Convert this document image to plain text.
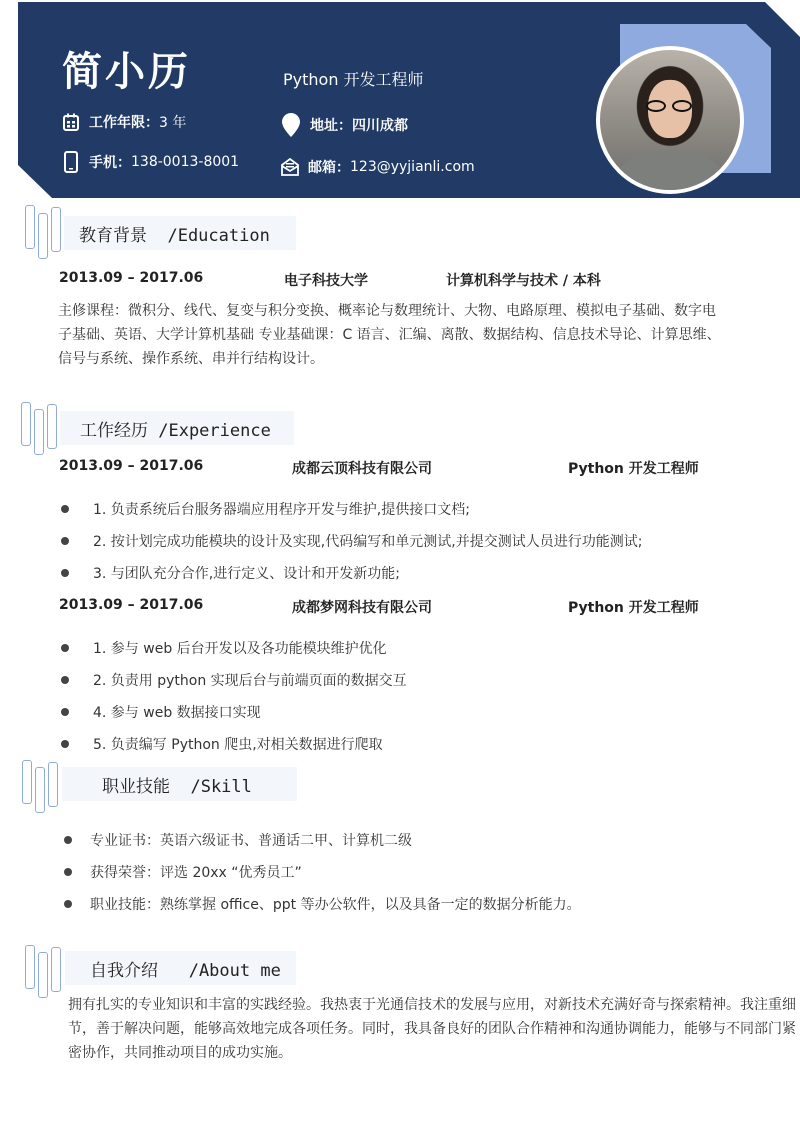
简小历	Python 开发工程师
工作年限： 3 年
手机： 138-0013-8001
地址：四川成都
邮箱： 123@yyjianli.com
教育背景  /Education
2013.09 – 2017.06	电子科技大学	计算机科学与技术 / 本科
主修课程：微积分、线代、复变与积分变换、概率论与数理统计、大物、电路原理、模拟电子基础、数字电
子基础、英语、大学计算机基础 专业基础课：C 语言、汇编、离散、数据结构、信息技术导论、计算思维、
信号与系统、操作系统、串并行结构设计。
工作经历 /Experience
2013.09 – 2017.06	成都云顶科技有限公司	Python 开发工程师
1. 负责系统后台服务器端应用程序开发与维护,提供接口文档;
2. 按计划完成功能模块的设计及实现,代码编写和单元测试,并提交测试人员进行功能测试;
3. 与团队充分合作,进行定义、设计和开发新功能;
2013.09 – 2017.06	成都梦网科技有限公司	Python 开发工程师
1. 参与 web 后台开发以及各功能模块维护优化
2. 负责用 python 实现后台与前端页面的数据交互
4. 参与 web 数据接口实现
5. 负责编写 Python 爬虫,对相关数据进行爬取
职业技能  /Skill
专业证书：英语六级证书、普通话二甲、计算机二级
获得荣誉：评选 20xx “优秀员工”
职业技能：熟练掌握 office、ppt 等办公软件，以及具备一定的数据分析能力。
自我介绍   /About me
拥有扎实的专业知识和丰富的实践经验。我热衷于光通信技术的发展与应用，对新技术充满好奇与探索精神。我注重细
节，善于解决问题，能够高效地完成各项任务。同时，我具备良好的团队合作精神和沟通协调能力，能够与不同部门紧
密协作，共同推动项目的成功实施。
